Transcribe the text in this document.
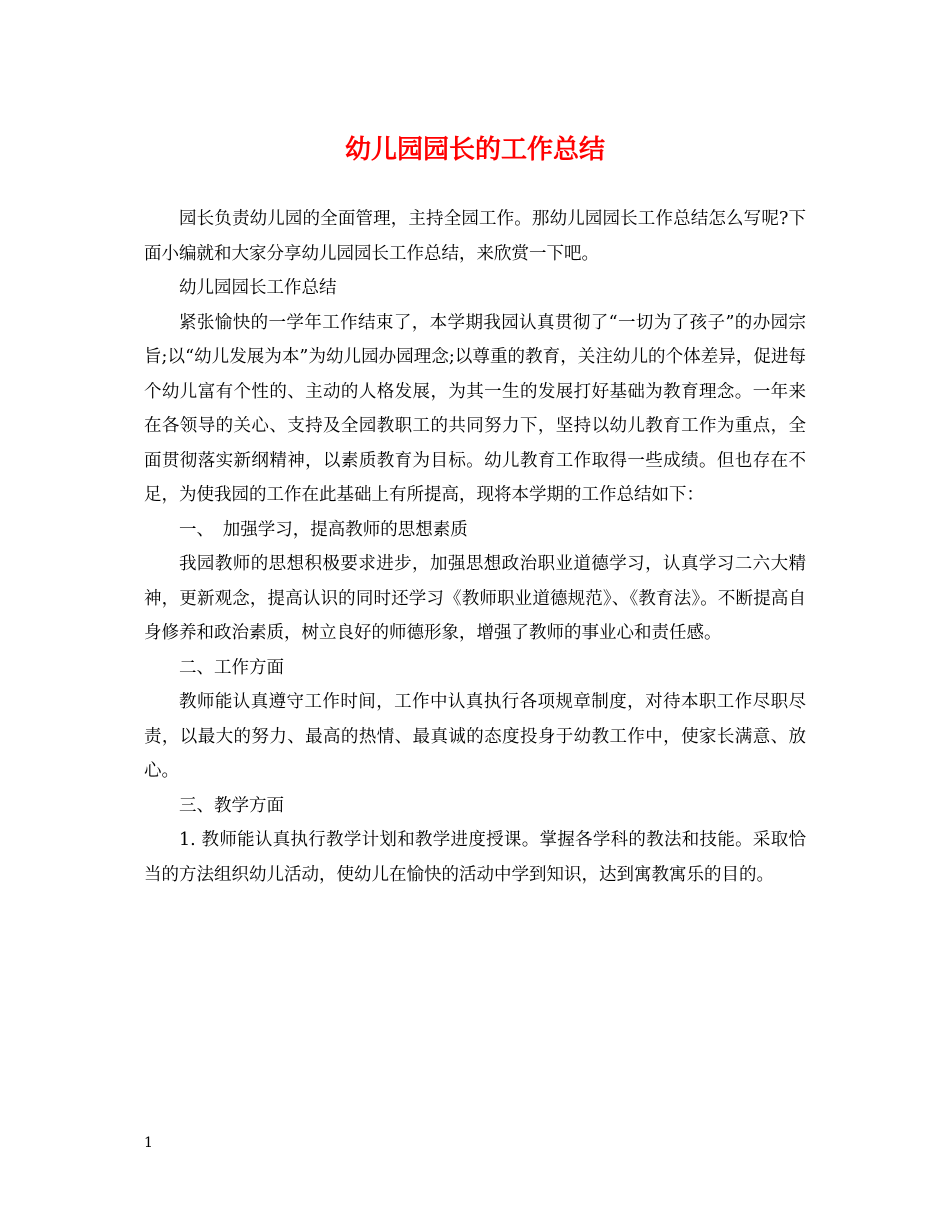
幼儿园园长的工作总结

园长负责幼儿园的全面管理，主持全园工作。那幼儿园园长工作总结怎么写呢?下面小编就和大家分享幼儿园园长工作总结，来欣赏一下吧。

幼儿园园长工作总结

紧张愉快的一学年工作结束了，本学期我园认真贯彻了“一切为了孩子”的办园宗旨;以“幼儿发展为本”为幼儿园办园理念;以尊重的教育，关注幼儿的个体差异，促进每个幼儿富有个性的、主动的人格发展，为其一生的发展打好基础为教育理念。一年来在各领导的关心、支持及全园教职工的共同努力下，坚持以幼儿教育工作为重点，全面贯彻落实新纲精神，以素质教育为目标。幼儿教育工作取得一些成绩。但也存在不足，为使我园的工作在此基础上有所提高，现将本学期的工作总结如下：

一、　加强学习，提高教师的思想素质

我园教师的思想积极要求进步，加强思想政治职业道德学习，认真学习二六大精神，更新观念，提高认识的同时还学习《教师职业道德规范》、《教育法》。不断提高自身修养和政治素质，树立良好的师德形象，增强了教师的事业心和责任感。

二、工作方面

教师能认真遵守工作时间，工作中认真执行各项规章制度，对待本职工作尽职尽责，以最大的努力、最高的热情、最真诚的态度投身于幼教工作中，使家长满意、放心。

三、教学方面

1. 教师能认真执行教学计划和教学进度授课。掌握各学科的教法和技能。采取恰当的方法组织幼儿活动，使幼儿在愉快的活动中学到知识，达到寓教寓乐的目的。

1
